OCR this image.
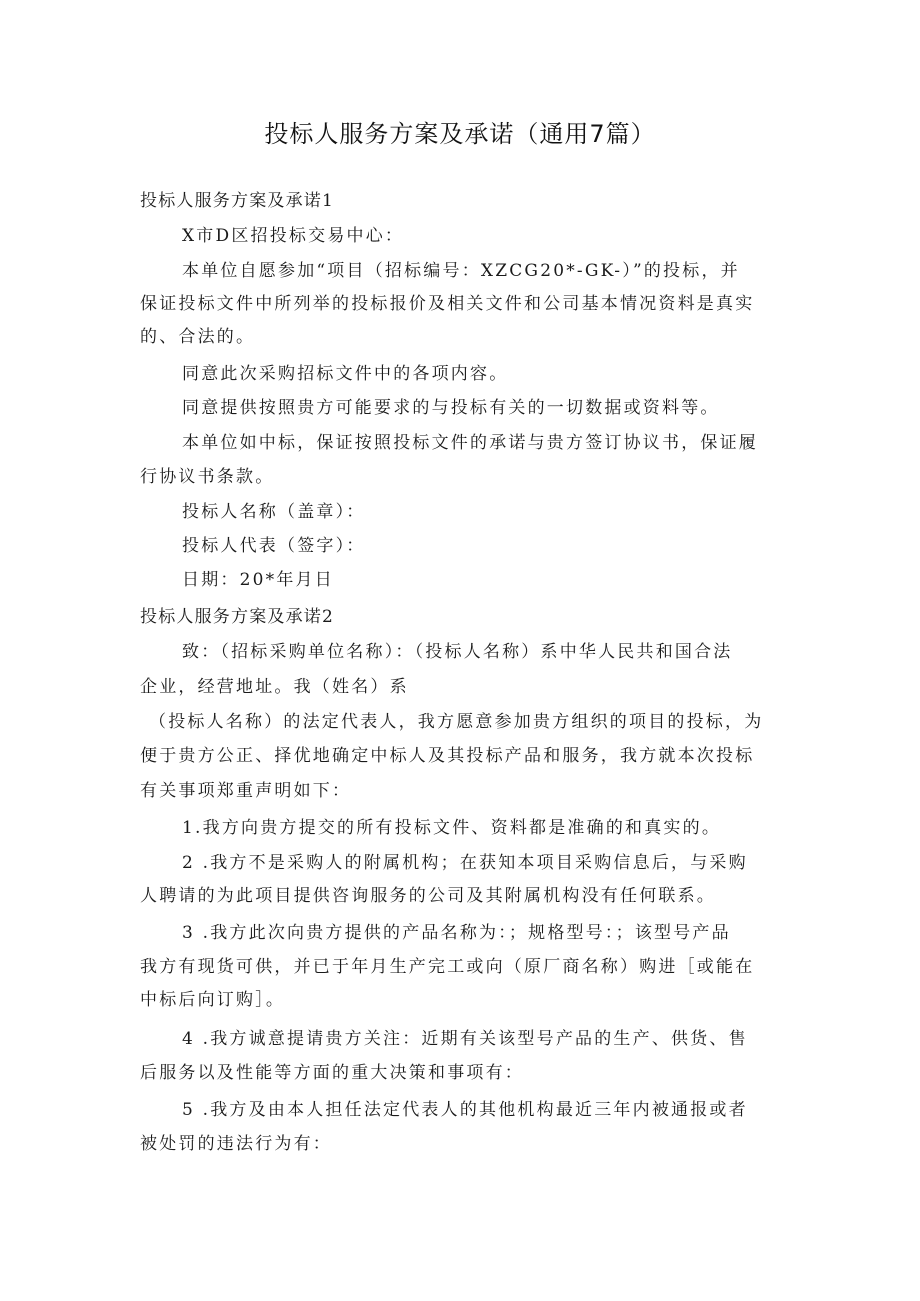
投标人服务方案及承诺（通用7篇）
投标人服务方案及承诺1
X市D区招投标交易中心：
本单位自愿参加“项目（招标编号：XZCG20*-GK-）”的投标，并
保证投标文件中所列举的投标报价及相关文件和公司基本情况资料是真实
的、合法的。
同意此次采购招标文件中的各项内容。
同意提供按照贵方可能要求的与投标有关的一切数据或资料等。
本单位如中标，保证按照投标文件的承诺与贵方签订协议书，保证履
行协议书条款。
投标人名称（盖章）：
投标人代表（签字）：
日期：20*年月日
投标人服务方案及承诺2
致：（招标采购单位名称）：（投标人名称）系中华人民共和国合法
企业，经营地址。我（姓名）系
（投标人名称）的法定代表人，我方愿意参加贵方组织的项目的投标，为
便于贵方公正、择优地确定中标人及其投标产品和服务，我方就本次投标
有关事项郑重声明如下：
1.我方向贵方提交的所有投标文件、资料都是准确的和真实的。
2 .我方不是采购人的附属机构；在获知本项目采购信息后，与采购
人聘请的为此项目提供咨询服务的公司及其附属机构没有任何联系。
3 .我方此次向贵方提供的产品名称为：；规格型号：；该型号产品
我方有现货可供，并已于年月生产完工或向（原厂商名称）购进［或能在
中标后向订购］。
4 .我方诚意提请贵方关注：近期有关该型号产品的生产、供货、售
后服务以及性能等方面的重大决策和事项有：
5 .我方及由本人担任法定代表人的其他机构最近三年内被通报或者
被处罚的违法行为有：
